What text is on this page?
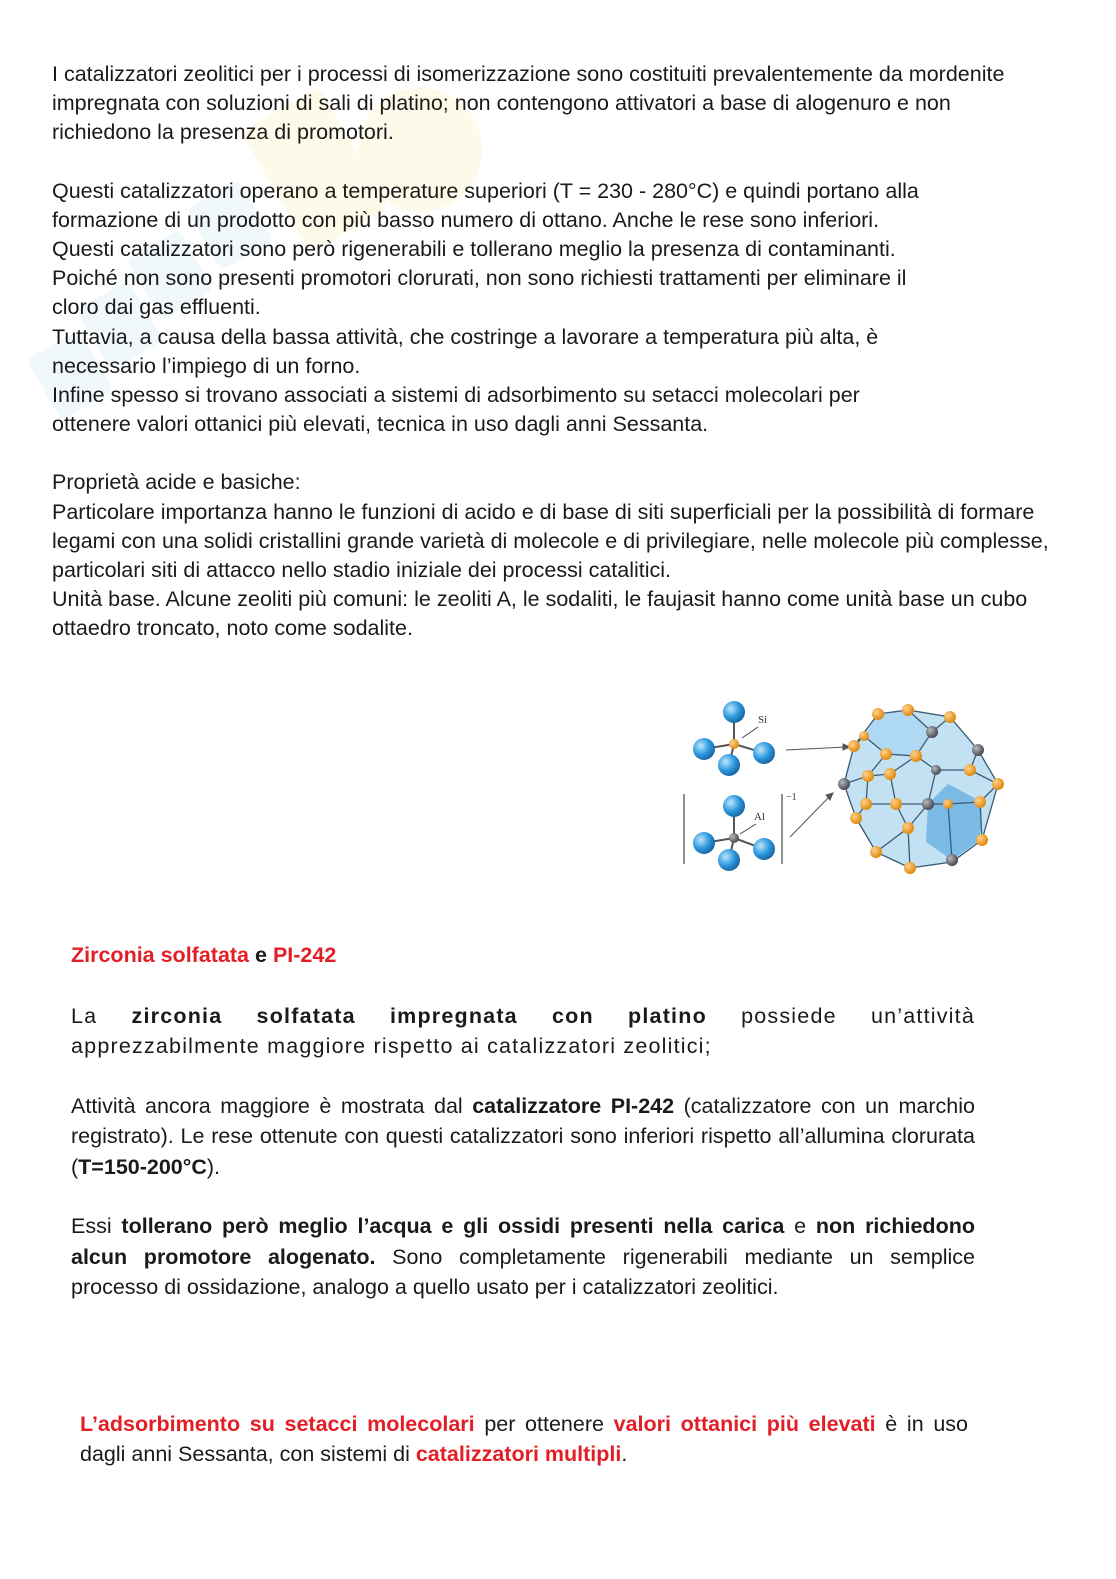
I catalizzatori zeolitici per i processi di isomerizzazione sono costituiti prevalentemente da mordenite impregnata con soluzioni di sali di platino; non contengono attivatori a base di alogenuro e non richiedono la presenza di promotori.

Questi catalizzatori operano a temperature superiori (T = 230 - 280°C) e quindi portano alla

formazione di un prodotto con più basso numero di ottano. Anche le rese sono inferiori.

Questi catalizzatori sono però rigenerabili e tollerano meglio la presenza di contaminanti.

Poiché non sono presenti promotori clorurati, non sono richiesti trattamenti per eliminare il

cloro dai gas effluenti.

Tuttavia, a causa della bassa attività, che costringe a lavorare a temperatura più alta, è

necessario l’impiego di un forno.

Infine spesso si trovano associati a sistemi di adsorbimento su setacci molecolari per

ottenere valori ottanici più elevati, tecnica in uso dagli anni Sessanta.

Proprietà acide e basiche:

Particolare importanza hanno le funzioni di acido e di base di siti superficiali per la possibilità di formare legami con una solidi cristallini grande varietà di molecole e di privilegiare, nelle molecole più complesse, particolari siti di attacco nello stadio iniziale dei processi catalitici.

Unità base. Alcune zeoliti più comuni: le zeoliti A, le sodaliti, le faujasit hanno come unità base un cubo ottaedro troncato, noto come sodalite.

Si
Al
−1

Zirconia solfatata e PI-242

La zirconia solfatata impregnata con platino possiede un’attività apprezzabilmente maggiore rispetto ai catalizzatori zeolitici;

Attività ancora maggiore è mostrata dal catalizzatore PI-242 (catalizzatore con un marchio registrato). Le rese ottenute con questi catalizzatori sono inferiori rispetto all’allumina clorurata (T=150-200°C).

Essi tollerano però meglio l’acqua e gli ossidi presenti nella carica e non richiedono alcun promotore alogenato. Sono completamente rigenerabili mediante un semplice processo di ossidazione, analogo a quello usato per i catalizzatori zeolitici.

L’adsorbimento su setacci molecolari per ottenere valori ottanici più elevati è in uso dagli anni Sessanta, con sistemi di catalizzatori multipli.
